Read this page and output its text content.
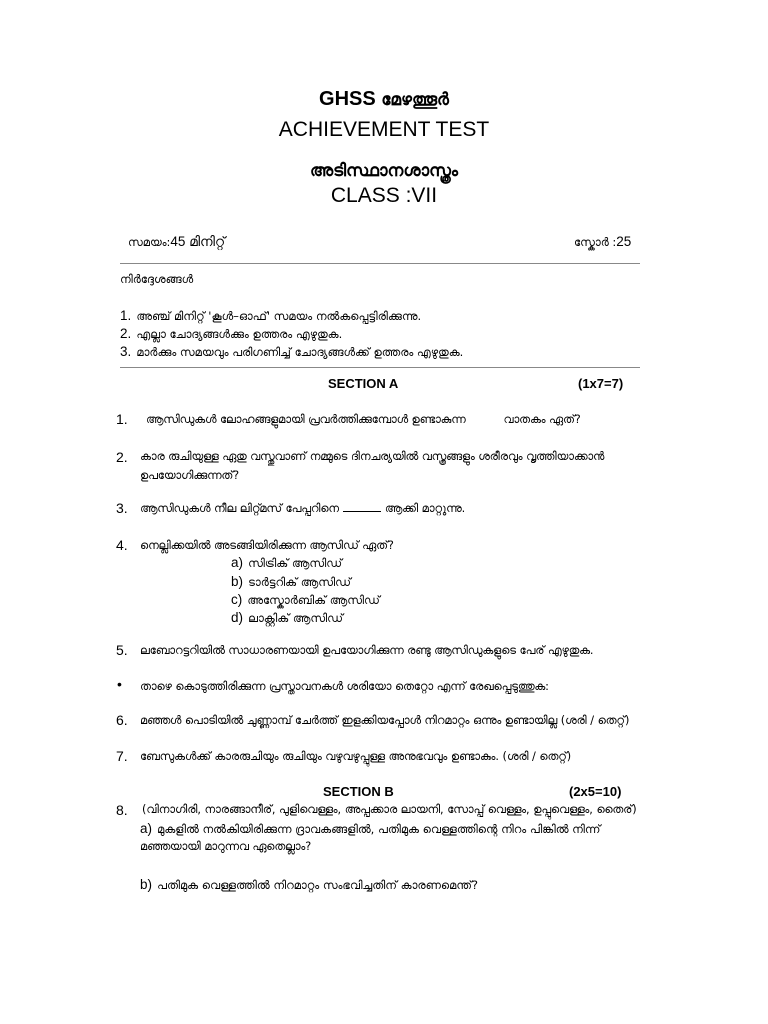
GHSS മേഴത്തൂർ
ACHIEVEMENT TEST
അടിസ്ഥാനശാസ്ത്രം
CLASS :VII
സമയം:45 മിനിറ്റ്	സ്കോർ :25
നിർദ്ദേശങ്ങൾ
1. അഞ്ച് മിനിറ്റ് 'കൂൾ–ഓഫ്' സമയം നൽകപ്പെട്ടിരിക്കുന്നു.
2. എല്ലാ ചോദ്യങ്ങൾക്കും ഉത്തരം എഴുതുക.
3. മാർക്കും സമയവും പരിഗണിച്ച് ചോദ്യങ്ങൾക്ക് ഉത്തരം എഴുതുക.
SECTION A	(1x7=7)
1. ആസിഡുകൾ ലോഹങ്ങളുമായി പ്രവർത്തിക്കുമ്പോൾ ഉണ്ടാകുന്ന	വാതകം ഏത്?
2. കാര രുചിയുള്ള ഏതു വസ്തുവാണ് നമ്മുടെ ദിനചര്യയിൽ വസ്ത്രങ്ങളും ശരീരവും വൃത്തിയാക്കാൻ
ഉപയോഗിക്കുന്നത്?
3. ആസിഡുകൾ നീല ലിറ്റ്മസ് പേപ്പറിനെ	ആക്കി മാറ്റുന്നു.
4. നെല്ലിക്കയിൽ അടങ്ങിയിരിക്കുന്ന ആസിഡ് ഏത്?
a) സിട്രിക് ആസിഡ്
b) ടാർട്ടറിക് ആസിഡ്
c) അസ്കോർബിക് ആസിഡ്
d) ലാക്റ്റിക് ആസിഡ്
5. ലബോറട്ടറിയിൽ സാധാരണയായി ഉപയോഗിക്കുന്ന രണ്ടു ആസിഡുകളുടെ പേര് എഴുതുക.
• താഴെ കൊടുത്തിരിക്കുന്ന പ്രസ്താവനകൾ ശരിയോ തെറ്റോ എന്ന് രേഖപ്പെടുത്തുക:
6. മഞ്ഞൾ പൊടിയിൽ ചുണ്ണാമ്പ് ചേർത്ത് ഇളക്കിയപ്പോൾ നിറമാറ്റം ഒന്നും ഉണ്ടായില്ല (ശരി / തെറ്റ്)
7. ബേസുകൾക്ക് കാരരുചിയും രുചിയും വഴുവഴുപ്പുള്ള അനുഭവവും ഉണ്ടാകും. (ശരി / തെറ്റ്)
SECTION B	(2x5=10)
8. (വിനാഗിരി, നാരങ്ങാനീര്, പുളിവെള്ളം, അപ്പക്കാര ലായനി, സോപ്പ് വെള്ളം, ഉപ്പുവെള്ളം, തൈര്)
a) മുകളിൽ നൽകിയിരിക്കുന്ന ദ്രാവകങ്ങളിൽ, പതിമുക വെള്ളത്തിന്റെ നിറം പിങ്കിൽ നിന്ന്
മഞ്ഞയായി മാറുന്നവ ഏതെല്ലാം?
b) പതിമുക വെള്ളത്തിൽ നിറമാറ്റം സംഭവിച്ചതിന് കാരണമെന്ത്?
